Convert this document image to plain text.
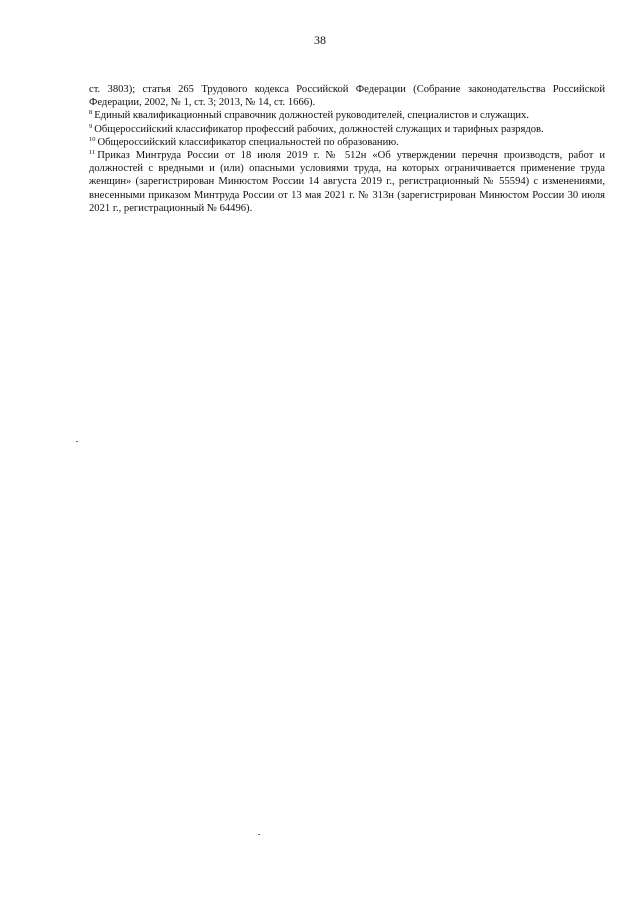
38

ст. 3803); статья 265 Трудового кодекса Российской Федерации (Собрание законодательства Российской Федерации, 2002, № 1, ст. 3; 2013, № 14, ст. 1666).

$^8$ Единый квалификационный справочник должностей руководителей, специалистов и служащих.

$^9$ Общероссийский классификатор профессий рабочих, должностей служащих и тарифных разрядов.

$^{10}$ Общероссийский классификатор специальностей по образованию.

$^{11}$ Приказ Минтруда России от 18 июля 2019 г. № 512н «Об утверждении перечня производств, работ и должностей с вредными и (или) опасными условиями труда, на которых ограничивается применение труда женщин» (зарегистрирован Минюстом России 14 августа 2019 г., регистрационный № 55594) с изменениями, внесенными приказом Минтруда России от 13 мая 2021 г. № 313н (зарегистрирован Минюстом России 30 июля 2021 г., регистрационный № 64496).
